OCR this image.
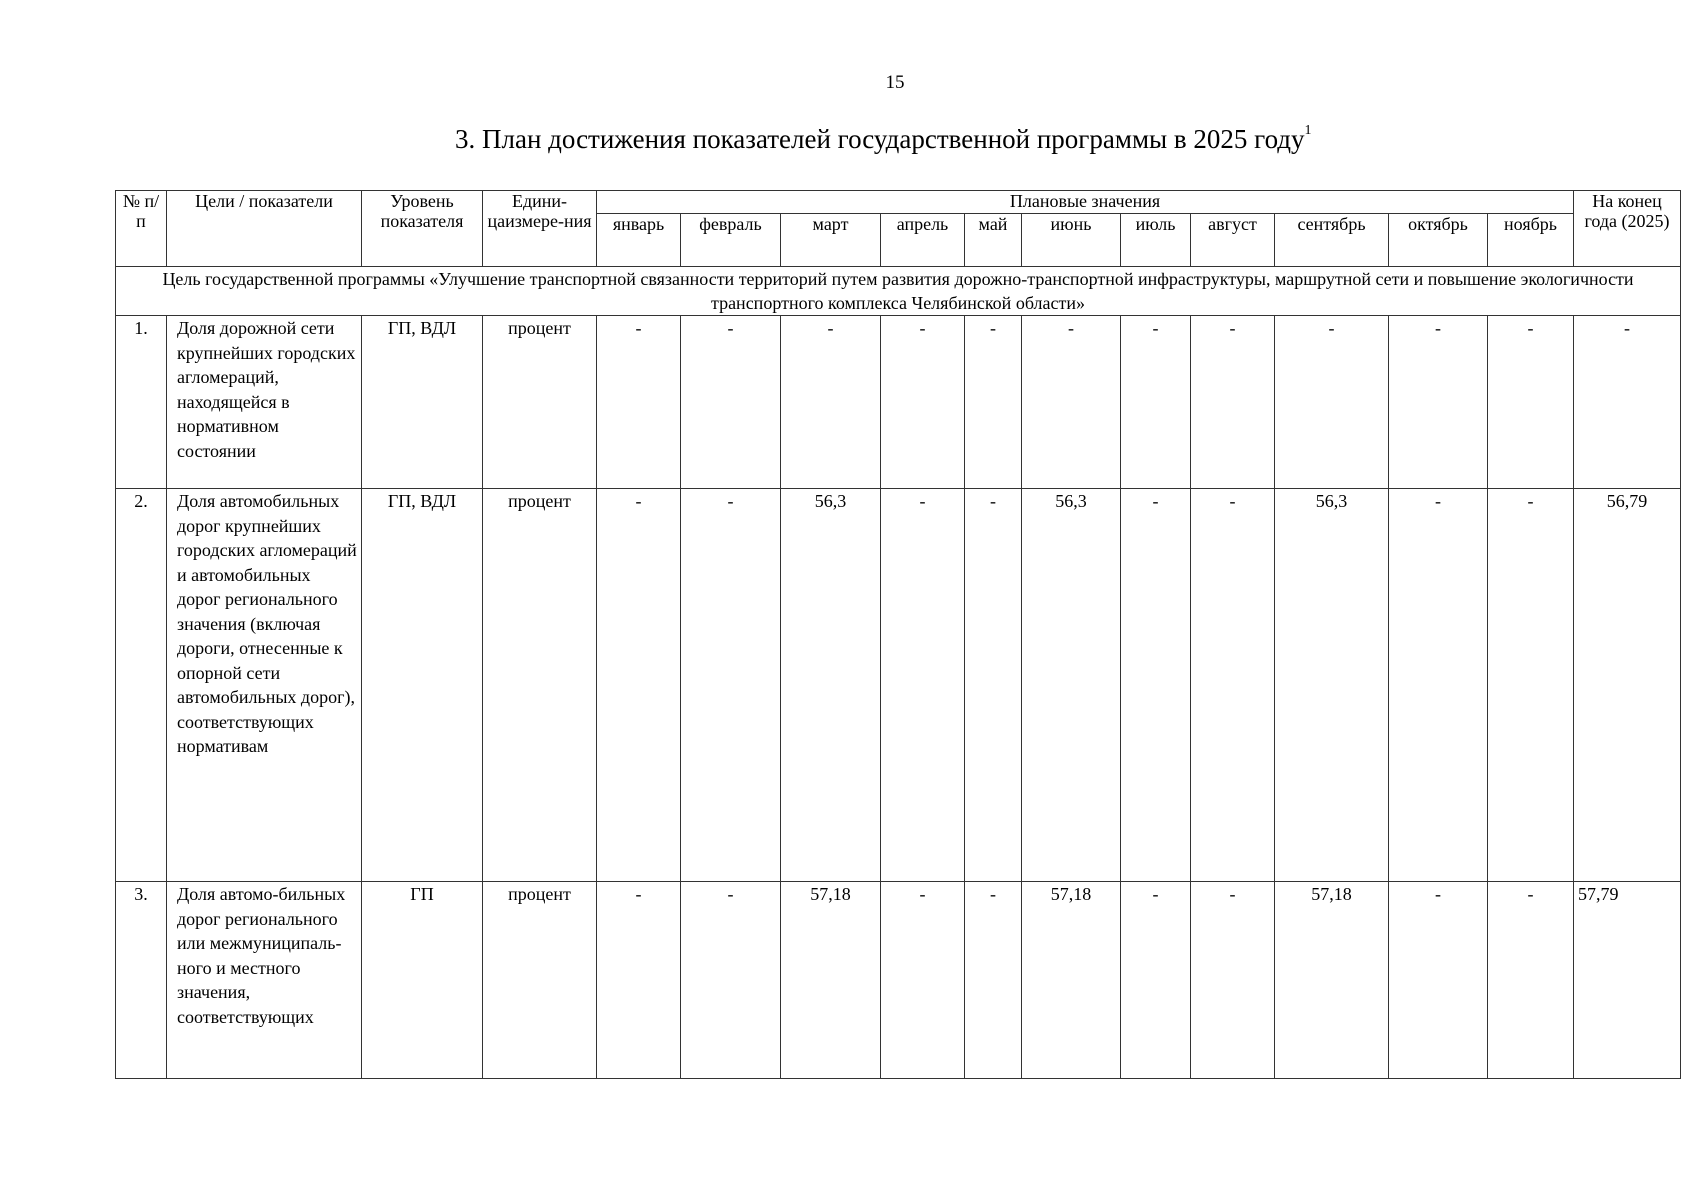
15
3. План достижения показателей государственной программы в 2025 году$^1$
№ п/п	Цели / показатели	Уровень показателя	Едини-цаизмере-ния	Плановые значения											На конец года (2025)
				январь	февраль	март	апрель	май	июнь	июль	август	сентябрь	октябрь	ноябрь	
Цель государственной программы «Улучшение транспортной связанности территорий путем развития дорожно-транспортной инфраструктуры, маршрутной сети и повышение экологичности транспортного комплекса Челябинской области»															
1.	Доля дорожной сети крупнейших городских агломераций, находящейся в нормативном состоянии	ГП, ВДЛ	процент	-	-	-	-	-	-	-	-	-	-	-	-
2.	Доля автомобильных дорог крупнейших городских агломераций и автомобильных дорог регионального значения (включая дороги, отнесенные к опорной сети автомобильных дорог), соответствующих нормативам	ГП, ВДЛ	процент	-	-	56,3	-	-	56,3	-	-	56,3	-	-	56,79
3.	Доля автомо-бильных дорог регионального или межмуниципаль-ного и местного значения, соответствующих	ГП	процент	-	-	57,18	-	-	57,18	-	-	57,18	-	-	57,79
